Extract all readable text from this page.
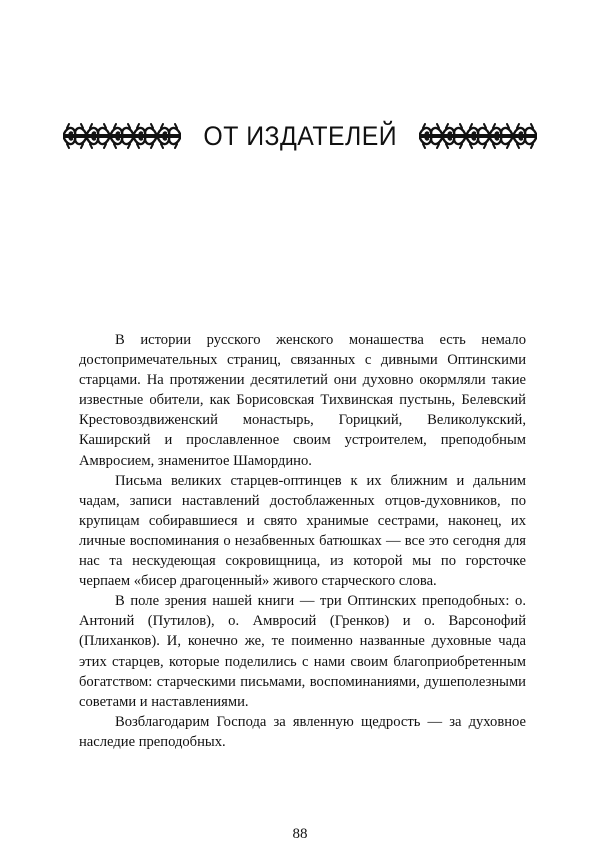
ОТ ИЗДАТЕЛЕЙ

В истории русского женского монашества есть немало достопримечательных страниц, связанных с дивными Оптинскими старцами. На протяжении десятилетий они духовно окормляли такие известные обители, как Борисовская Тихвинская пустынь, Белевский Крестовоздвиженский монастырь, Горицкий, Великолукский, Каширский и прославленное своим устроителем, преподобным Амвросием, знаменитое Шамордино.

Письма великих старцев-оптинцев к их ближним и дальним чадам, записи наставлений достоблаженных отцов-духовников, по крупицам собиравшиеся и свято хранимые сестрами, наконец, их личные воспоминания о незабвенных батюшках — все это сегодня для нас та нескудеющая сокровищница, из которой мы по горсточке черпаем «бисер драгоценный» живого старческого слова.

В поле зрения нашей книги — три Оптинских преподобных: о. Антоний (Путилов), о. Амвросий (Гренков) и о. Варсонофий (Плиханков). И, конечно же, те поименно названные духовные чада этих старцев, которые поделились с нами своим благоприобретенным богатством: старческими письмами, воспоминаниями, душеполезными советами и наставлениями.

Возблагодарим Господа за явленную щедрость — за духовное наследие преподобных.

88
